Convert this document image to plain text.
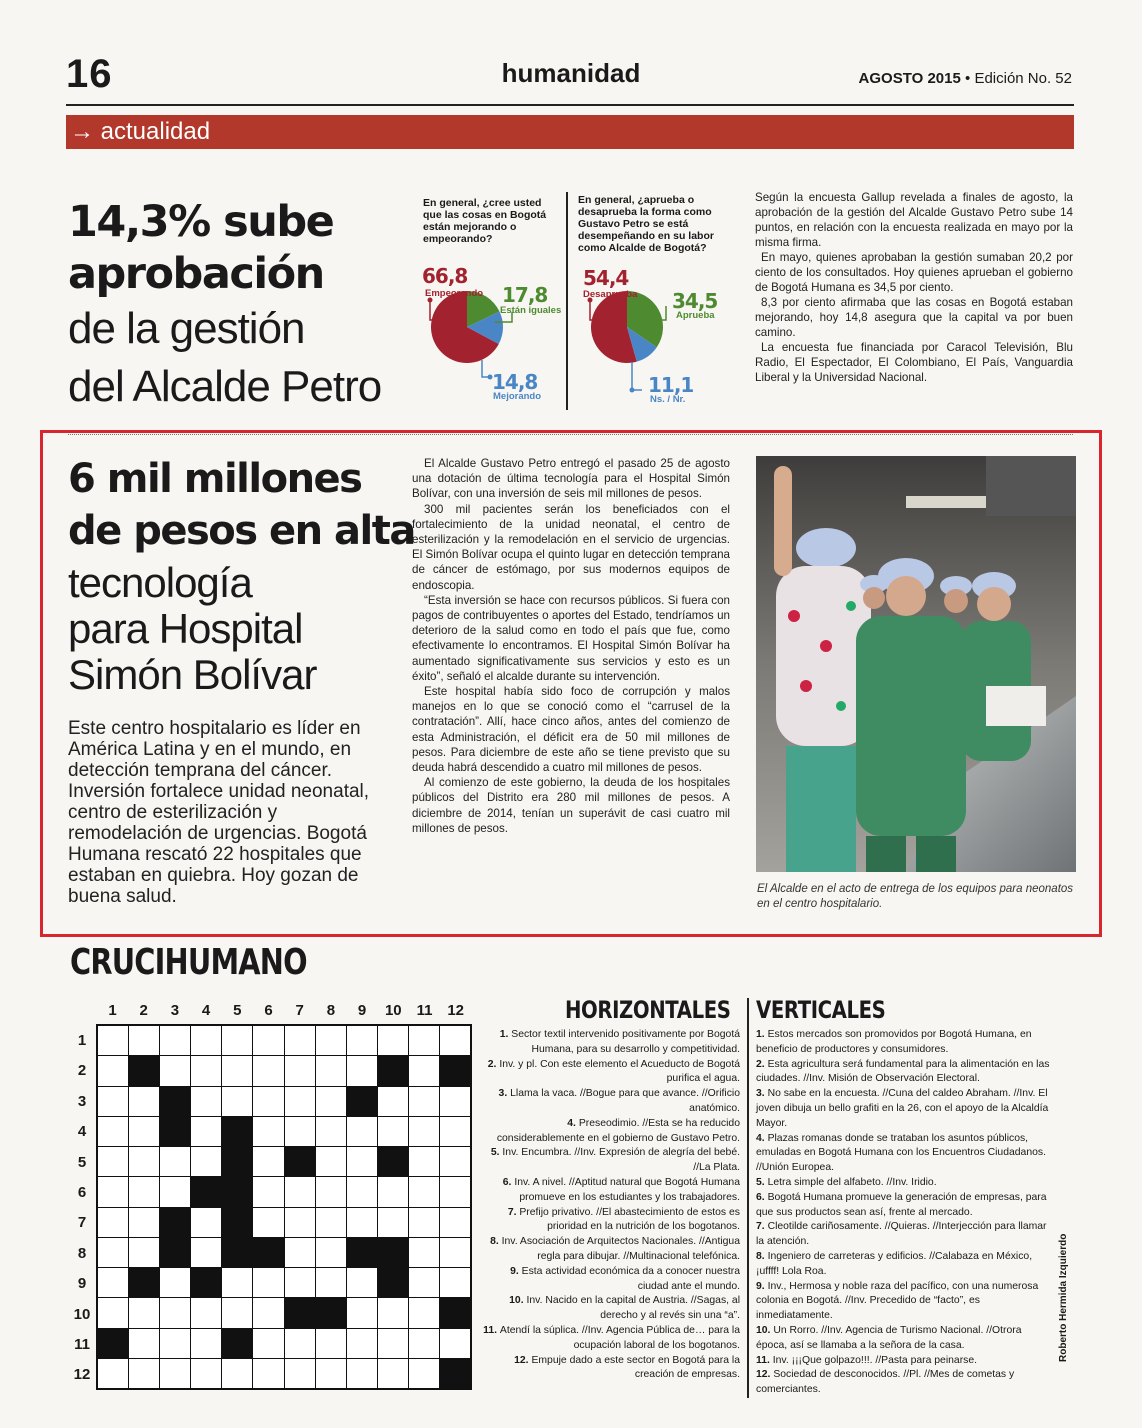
16	humanidad	AGOSTO 2015 • Edición No. 52
→ actualidad
14,3% sube
aprobación
de la gestión
del Alcalde Petro
En general, ¿cree usted que las cosas en Bogotá están mejorando o empeorando?
En general, ¿aprueba o desaprueba la forma como Gustavo Petro se está desempeñando en su labor como Alcalde de Bogotá?
66,8
Empeorando 17,8
Están iguales
14,8
Mejorando
54,4
Desaprueba 34,5
Aprueba
11,1
Ns. / Nr.

Según la encuesta Gallup revelada a finales de agosto, la aprobación de la gestión del Alcalde Gustavo Petro sube 14 puntos, en relación con la encuesta realizada en mayo por la misma firma.

En mayo, quienes aprobaban la gestión sumaban 20,2 por ciento de los consultados. Hoy quienes aprueban el gobierno de Bogotá Humana es 34,5 por ciento.

8,3 por ciento afirmaba que las cosas en Bogotá estaban mejorando, hoy 14,8 asegura que la capital va por buen camino.

La encuesta fue financiada por Caracol Televisión, Blu Radio, El Espectador, El Colombiano, El País, Vanguardia Liberal y la Universidad Nacional.

6 mil millones
de pesos en alta
tecnología
para Hospital
Simón Bolívar
Este centro hospitalario es líder en América Latina y en el mundo, en detección temprana del cáncer. Inversión fortalece unidad neonatal, centro de esterilización y remodelación de urgencias. Bogotá Humana rescató 22 hospitales que estaban en quiebra. Hoy gozan de buena salud.

El Alcalde Gustavo Petro entregó el pasado 25 de agosto una dotación de última tecnología para el Hospital Simón Bolívar, con una inversión de seis mil millones de pesos.

300 mil pacientes serán los beneficiados con el fortalecimiento de la unidad neonatal, el centro de esterilización y la remodelación en el servicio de urgencias. El Simón Bolívar ocupa el quinto lugar en detección temprana de cáncer de estómago, por sus modernos equipos de endoscopia.

“Esta inversión se hace con recursos públicos. Si fuera con pagos de contribuyentes o aportes del Estado, tendríamos un deterioro de la salud como en todo el país que fue, como efectivamente lo encontramos. El Hospital Simón Bolívar ha aumentado significativamente sus servicios y esto es un éxito”, señaló el alcalde durante su intervención.

Este hospital había sido foco de corrupción y malos manejos en lo que se conoció como el “carrusel de la contratación”. Allí, hace cinco años, antes del comienzo de esta Administración, el déficit era de 50 mil millones de pesos. Para diciembre de este año se tiene previsto que su deuda habrá descendido a cuatro mil millones de pesos.

Al comienzo de este gobierno, la deuda de los hospitales públicos del Distrito era 280 mil millones de pesos. A diciembre de 2014, tenían un superávit de casi cuatro mil millones de pesos.

El Alcalde en el acto de entrega de los equipos para neonatos en el centro hospitalario.
CRUCIHUMANO
1	2	3	4	5	6	7	8	9	10 11 12
1
2
3
4
5
6
7
8
9
10
11
12
HORIZONTALES VERTICALES
1. Sector textil intervenido positivamente por Bogotá Humana, para su desarrollo y competitividad.
2. Inv. y pl. Con este elemento el Acueducto de Bogotá purifica el agua.
3. Llama la vaca. //Bogue para que avance. //Orificio anatómico.
4. Preseodimio. //Esta se ha reducido considerablemente en el gobierno de Gustavo Petro.
5. Inv. Encumbra. //Inv. Expresión de alegría del bebé. //La Plata.
6. Inv. A nivel. //Aptitud natural que Bogotá Humana promueve en los estudiantes y los trabajadores.
7. Prefijo privativo. //El abastecimiento de estos es prioridad en la nutrición de los bogotanos.
8. Inv. Asociación de Arquitectos Nacionales. //Antigua regla para dibujar. //Multinacional telefónica.
9. Esta actividad económica da a conocer nuestra ciudad ante el mundo.
10. Inv. Nacido en la capital de Austria. //Sagas, al derecho y al revés sin una “a”.
11. Atendí la súplica. //Inv. Agencia Pública de… para la ocupación laboral de los bogotanos.
12. Empuje dado a este sector en Bogotá para la creación de empresas.
1. Estos mercados son promovidos por Bogotá Humana, en beneficio de productores y consumidores.
2. Esta agricultura será fundamental para la alimentación en las ciudades. //Inv. Misión de Observación Electoral.
3. No sabe en la encuesta. //Cuna del caldeo Abraham. //Inv. El joven dibuja un bello grafiti en la 26, con el apoyo de la Alcaldía Mayor.
4. Plazas romanas donde se trataban los asuntos públicos, emuladas en Bogotá Humana con los Encuentros Ciudadanos. //Unión Europea.
5. Letra simple del alfabeto. //Inv. Iridio.
6. Bogotá Humana promueve la generación de empresas, para que sus productos sean así, frente al mercado.
7. Cleotilde cariñosamente. //Quieras. //Interjección para llamar la atención.
8. Ingeniero de carreteras y edificios. //Calabaza en México, ¡uffff! Lola Roa.
9. Inv., Hermosa y noble raza del pacífico, con una numerosa colonia en Bogotá. //Inv. Precedido de “facto”, es inmediatamente.
10. Un Rorro. //Inv. Agencia de Turismo Nacional. //Otrora época, así se llamaba a la señora de la casa.
11. Inv. ¡¡¡Que golpazo!!!. //Pasta para peinarse.
12. Sociedad de desconocidos. //Pl. //Mes de cometas y comerciantes.
Roberto Hermida Izquierdo
